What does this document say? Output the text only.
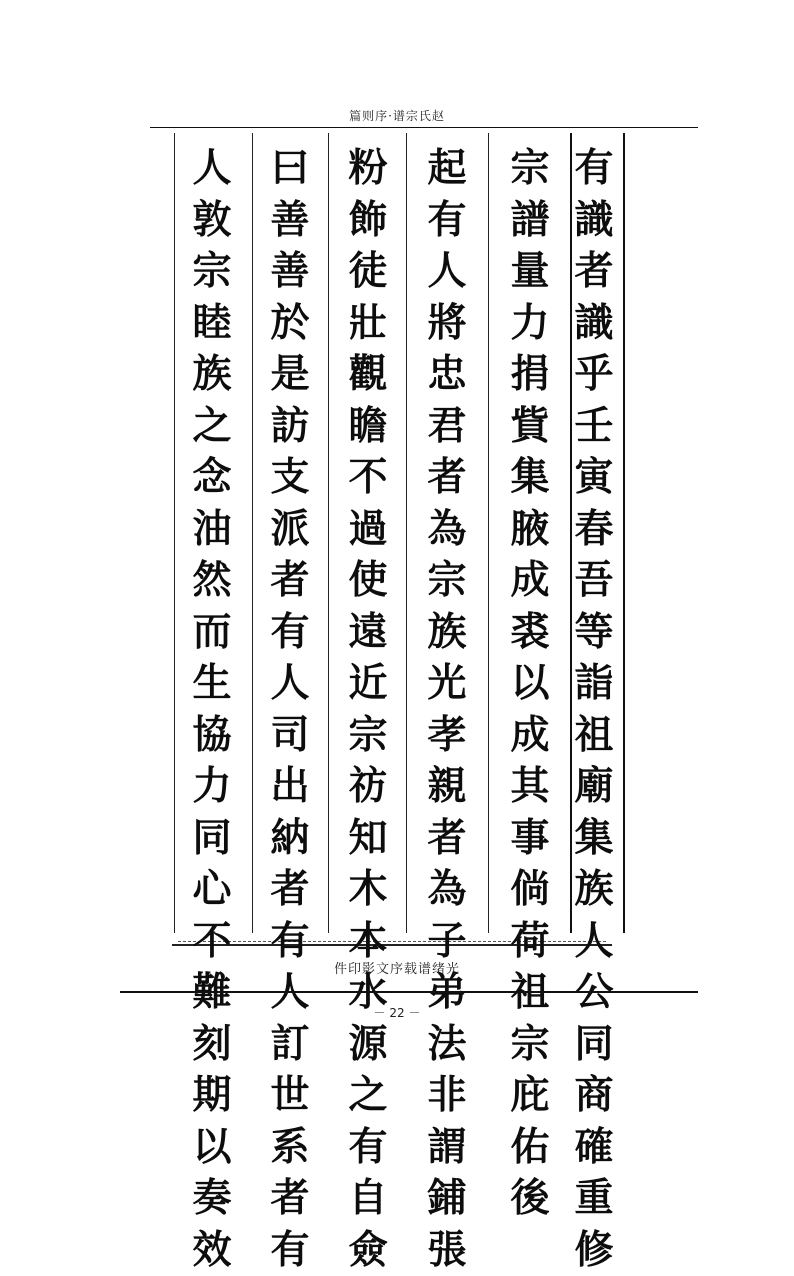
篇则序·谱宗氏赵
人
敦
宗
睦
族
之
念
油
然
而
生
協
力
同
心
不
難
刻
期
以
奏
效
曰
善
善
於
是
訪
支
派
者
有
人
司
出
納
者
有
人
訂
世
系
者
有
粉
飾
徒
壯
觀
瞻
不
過
使
遠
近
宗
祊
知
木
本
水
源
之
有
自
僉
起
有
人
將
忠
君
者
為
宗
族
光
孝
親
者
為
子
弟
法
非
謂
鋪
張
宗
譜
量
力
捐
貲
集
腋
成
裘
以
成
其
事
倘
荷
祖
宗
庇
佑
後
有
識
者
識
乎
壬
寅
春
吾
等
詣
祖
廟
集
族
人
公
同
商
確
重
修
件印影文序载谱绪光
－ 22 －
